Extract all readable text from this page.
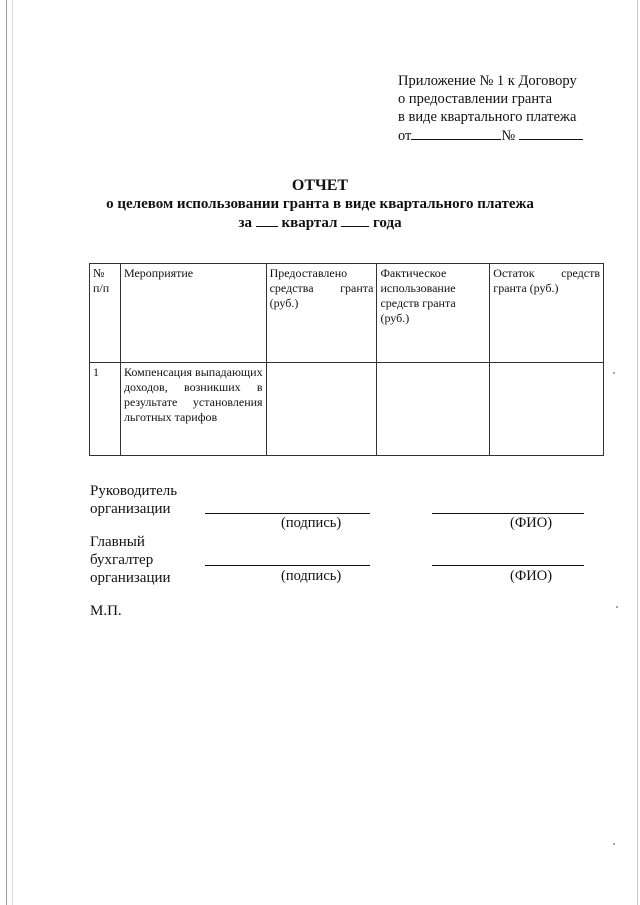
Приложение № 1 к Договору
о предоставлении гранта
в виде квартального платежа
от	№
ОТЧЕТ
о целевом использовании гранта в виде квартального платежа
за квартал года
№ п/п	Мероприятие	Предоставлено средства гранта (руб.)	Фактическое использование средств гранта (руб.)	Остаток средств гранта (руб.)
1	Компенсация выпадающих доходов, возникших в результате установления льготных тарифов			
Руководитель
организации
(подпись)	(ФИО)
Главный
бухгалтер
организации	(подпись)	(ФИО)
М.П.
